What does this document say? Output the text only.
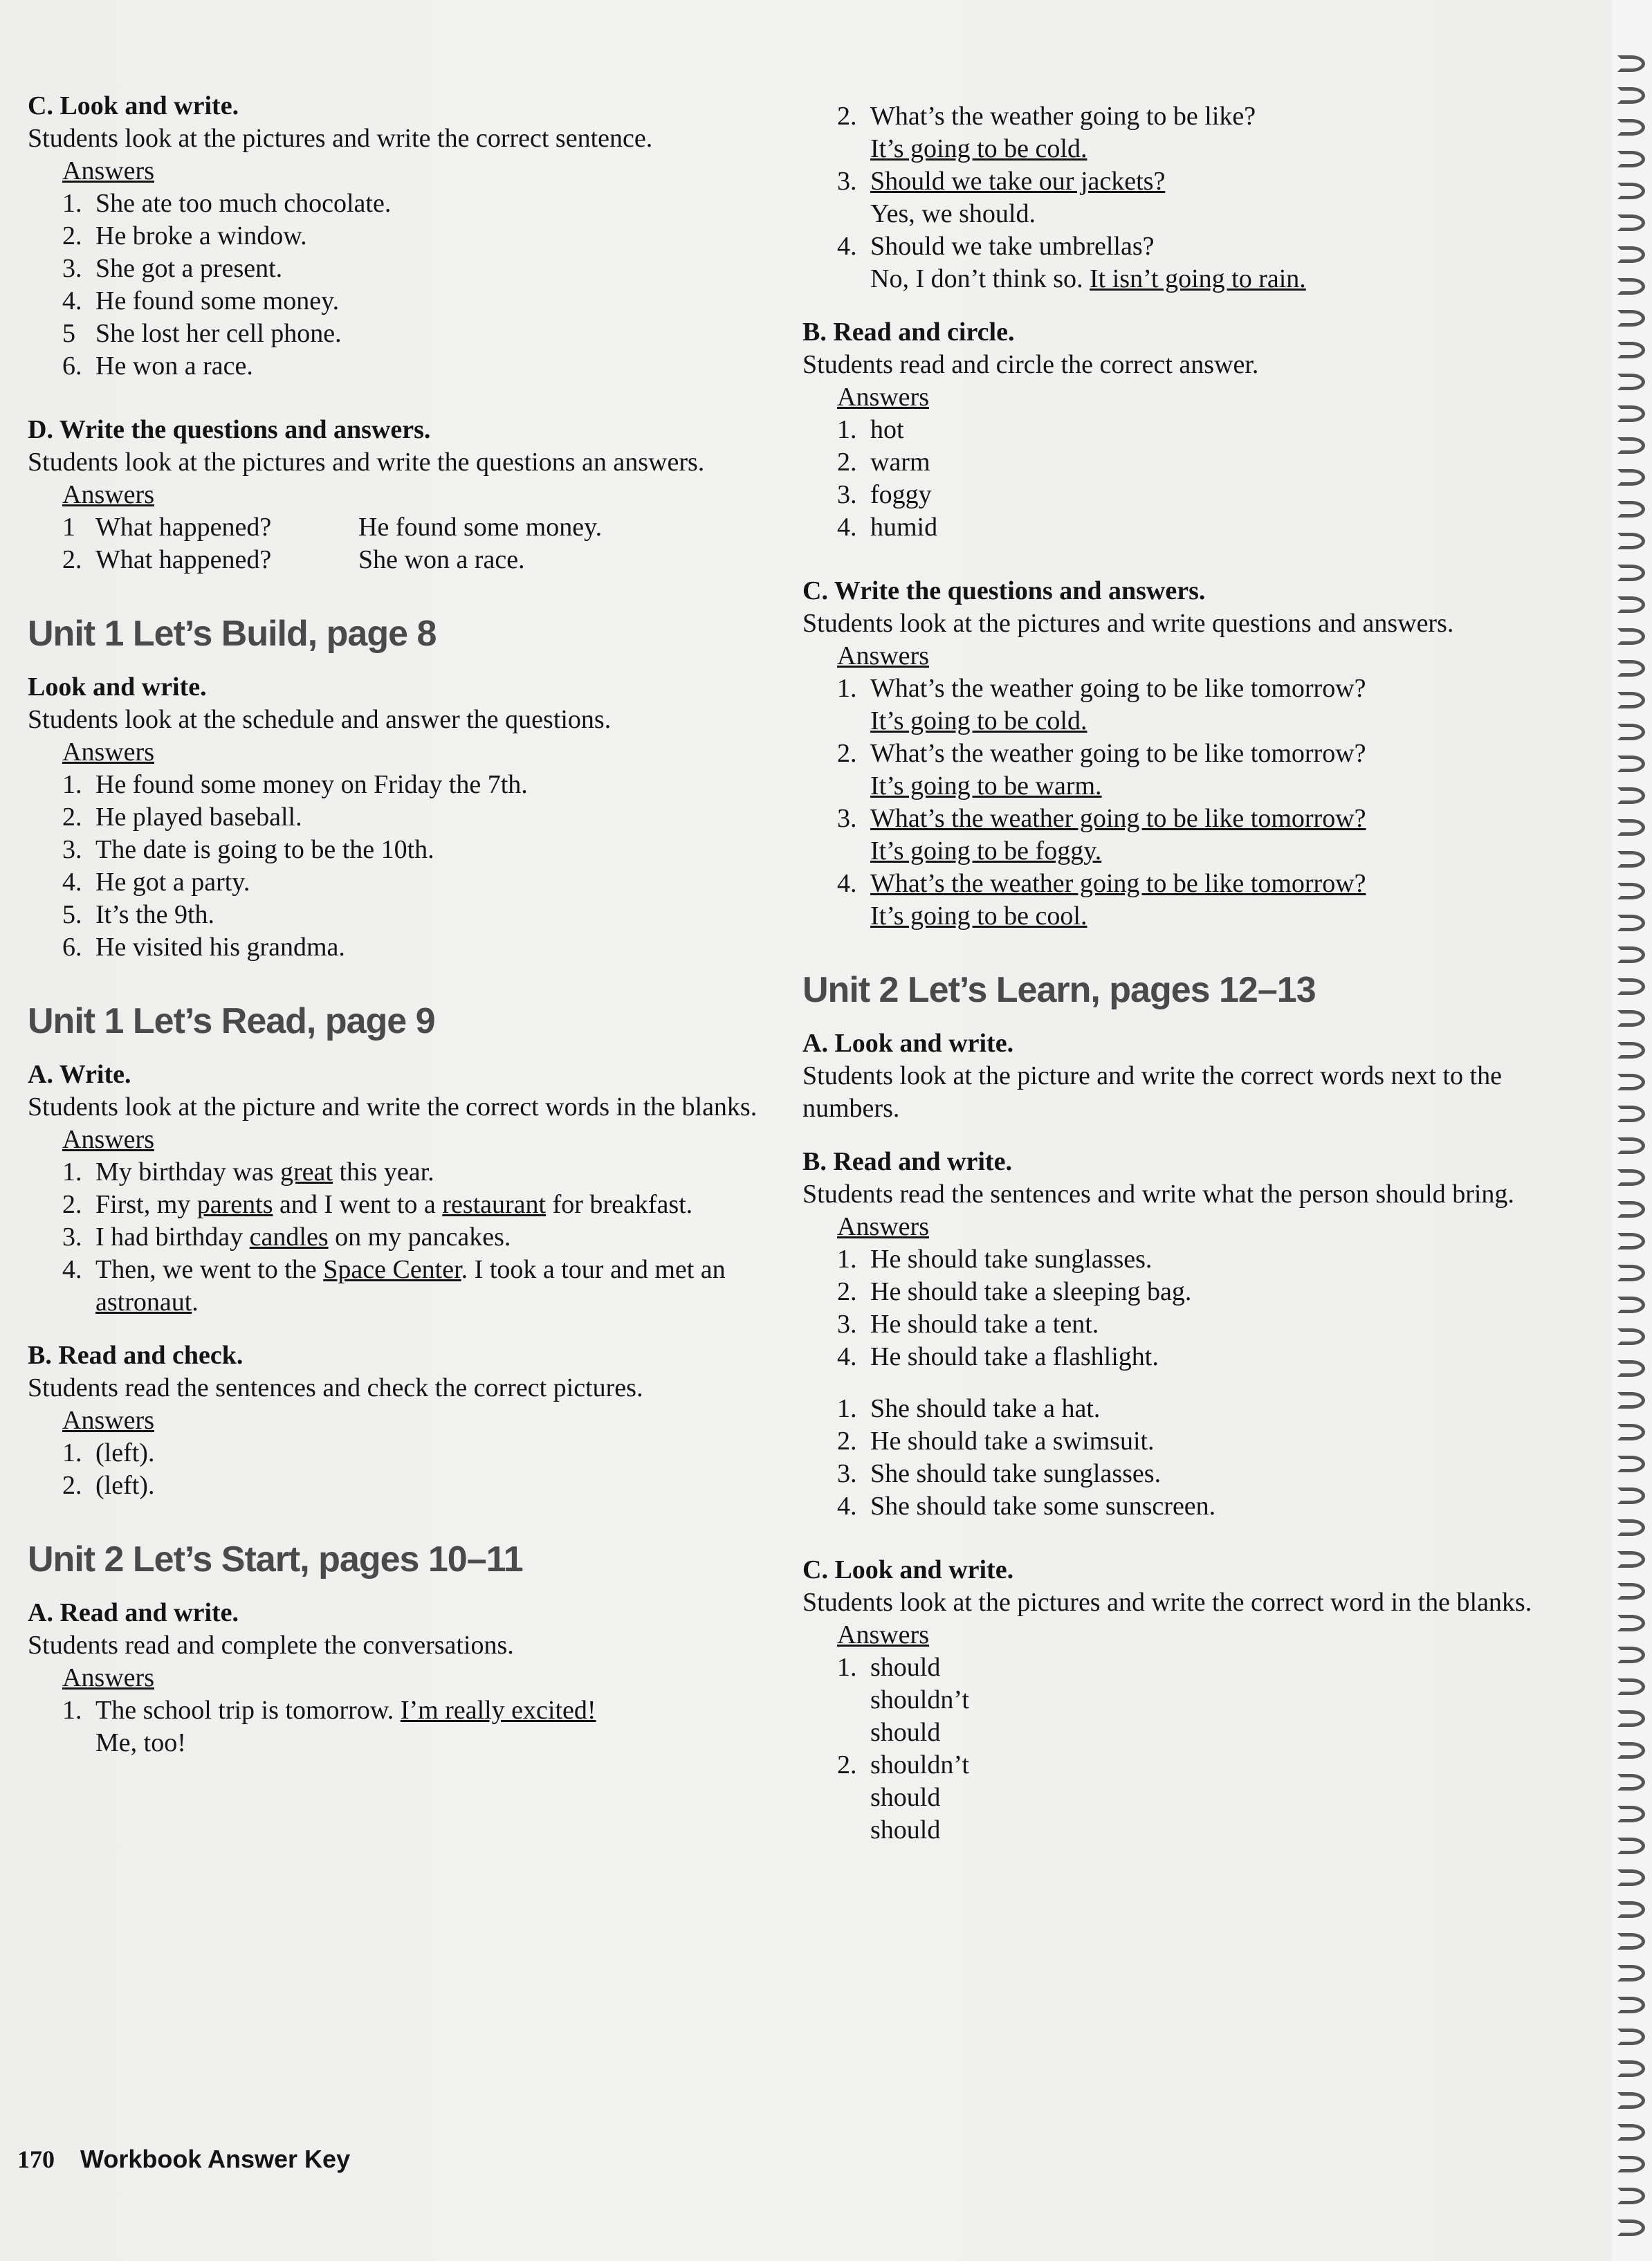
C. Look and write.

Students look at the pictures and write the correct sentence.

Answers
1. She ate too much chocolate.
2. He broke a window.
3. She got a present.
4. He found some money.
5 She lost her cell phone.
6. He won a race.

D. Write the questions and answers.

Students look at the pictures and write the questions an answers.

Answers
1 What happened?	He found some money.
2. What happened?	She won a race.
Unit 1 Let’s Build, page 8

Look and write.

Students look at the schedule and answer the questions.

Answers
1. He found some money on Friday the 7th.
2. He played baseball.
3. The date is going to be the 10th.
4. He got a party.
5. It’s the 9th.
6. He visited his grandma.
Unit 1 Let’s Read, page 9

A. Write.

Students look at the picture and write the correct words in the blanks.

Answers
1. My birthday was great this year.
2. First, my parents and I went to a restaurant for breakfast.
3. I had birthday candles on my pancakes.
4. Then, we went to the Space Center. I took a tour and met an astronaut.

B. Read and check.

Students read the sentences and check the correct pictures.

Answers
1. (left).
2. (left).
Unit 2 Let’s Start, pages 10–11

A. Read and write.

Students read and complete the conversations.

Answers
1. The school trip is tomorrow. I’m really excited!
Me, too!
2. What’s the weather going to be like?
It’s going to be cold.
3. Should we take our jackets?
Yes, we should.
4. Should we take umbrellas?
No, I don’t think so. It isn’t going to rain.

B. Read and circle.

Students read and circle the correct answer.

Answers
1. hot
2. warm
3. foggy
4. humid

C. Write the questions and answers.

Students look at the pictures and write questions and answers.

Answers
1. What’s the weather going to be like tomorrow?
It’s going to be cold.
2. What’s the weather going to be like tomorrow?
It’s going to be warm.
3. What’s the weather going to be like tomorrow?
It’s going to be foggy.
4. What’s the weather going to be like tomorrow?
It’s going to be cool.
Unit 2 Let’s Learn, pages 12–13

A. Look and write.

Students look at the picture and write the correct words next to the numbers.

B. Read and write.

Students read the sentences and write what the person should bring.

Answers
1. He should take sunglasses.
2. He should take a sleeping bag.
3. He should take a tent.
4. He should take a flashlight.
1. She should take a hat.
2. He should take a swimsuit.
3. She should take sunglasses.
4. She should take some sunscreen.

C. Look and write.

Students look at the pictures and write the correct word in the blanks.

Answers
1. should
shouldn’t
should
2. shouldn’t
should
should
170 Workbook Answer Key
